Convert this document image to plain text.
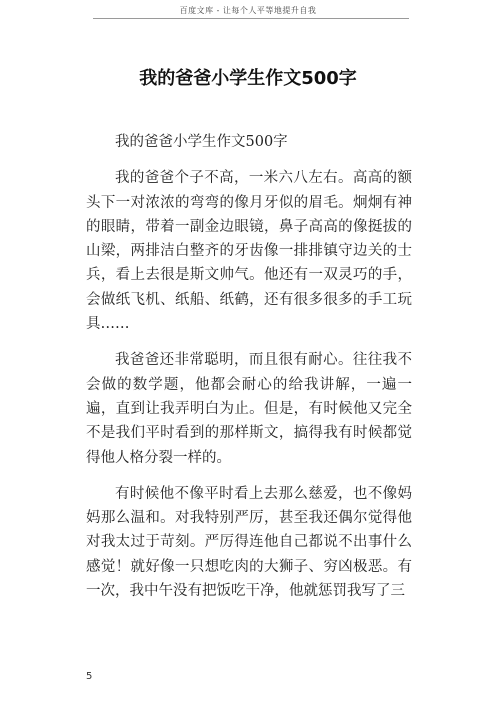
百度文库 - 让每个人平等地提升自我
我的爸爸小学生作文500字

我的爸爸小学生作文500字

我的爸爸个子不高，一米六八左右。高高的额头下一对浓浓的弯弯的像月牙似的眉毛。炯炯有神的眼睛，带着一副金边眼镜，鼻子高高的像挺拔的山梁，两排洁白整齐的牙齿像一排排镇守边关的士兵，看上去很是斯文帅气。他还有一双灵巧的手，会做纸飞机、纸船、纸鹤，还有很多很多的手工玩具……

我爸爸还非常聪明，而且很有耐心。往往我不会做的数学题，他都会耐心的给我讲解，一遍一遍，直到让我弄明白为止。但是，有时候他又完全不是我们平时看到的那样斯文，搞得我有时候都觉得他人格分裂一样的。

有时候他不像平时看上去那么慈爱，也不像妈妈那么温和。对我特别严厉，甚至我还偶尔觉得他对我太过于苛刻。严厉得连他自己都说不出事什么感觉！就好像一只想吃肉的大狮子、穷凶极恶。有一次，我中午没有把饭吃干净，他就惩罚我写了三

5
